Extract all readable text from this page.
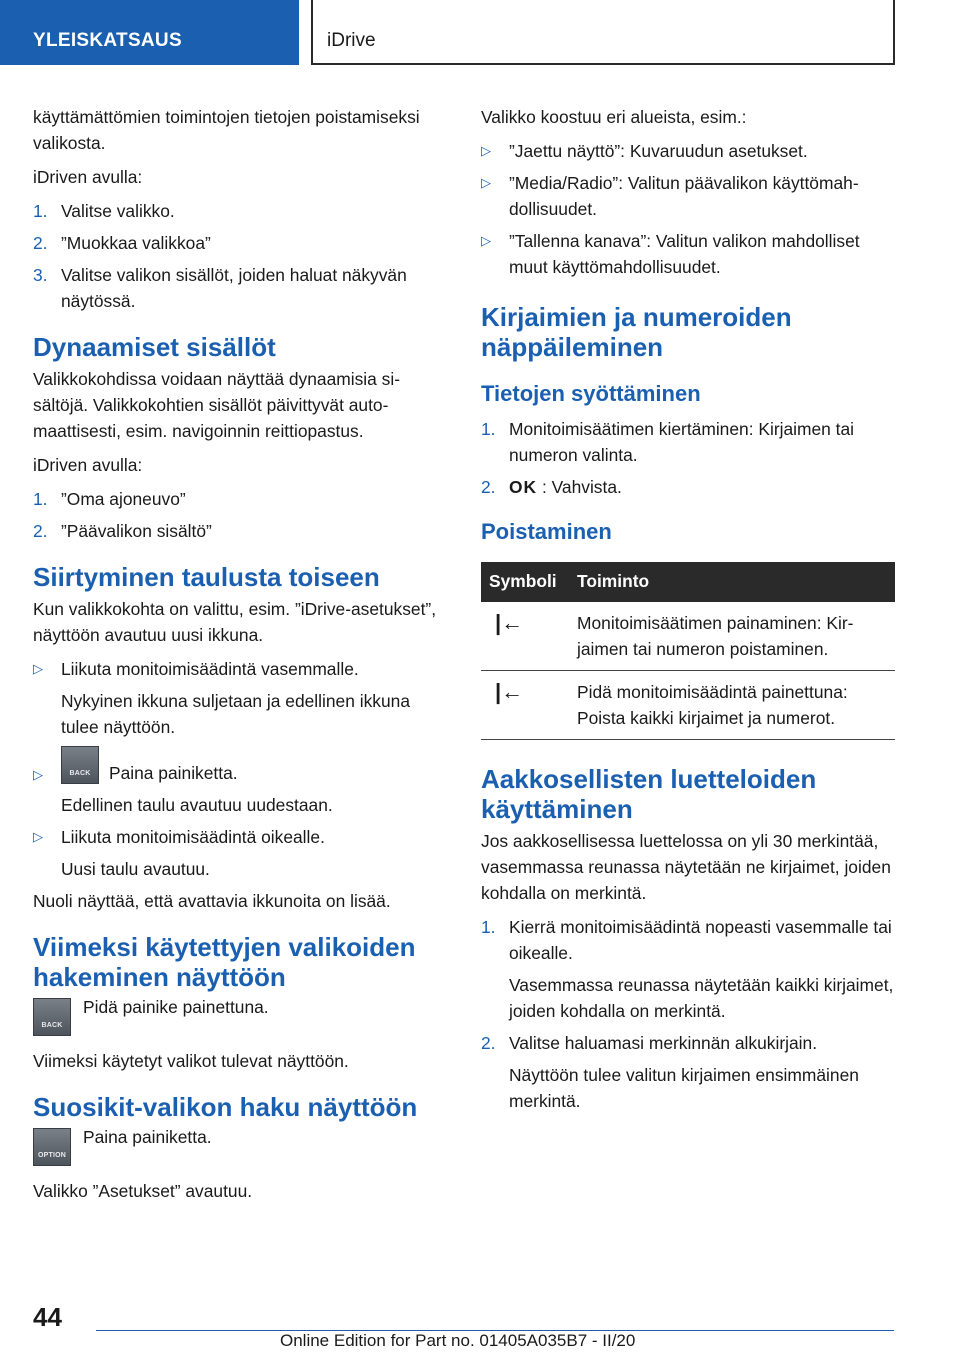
YLEISKATSAUS	iDrive

käyttämättömien toimintojen tietojen poistamiseksi valikosta.

iDriven avulla:

1. Valitse valikko.
2. ”Muokkaa valikkoa”
3. Valitse valikon sisällöt, joiden haluat näkyvän näytössä.
Dynaamiset sisällöt

Valikkokohdissa voidaan näyttää dynaamisia sisältöjä. Valikkokohtien sisällöt päivittyvät automaattisesti, esim. navigoinnin reittiopastus.

iDriven avulla:

1. ”Oma ajoneuvo”
2. ”Päävalikon sisältö”
Siirtyminen taulusta toiseen

Kun valikkokohta on valittu, esim. ”iDrive-asetukset”, näyttöön avautuu uusi ikkuna.

▷ Liikuta monitoimisäädintä vasemmalle.
Nykyinen ikkuna suljetaan ja edellinen ikkuna tulee näyttöön.
▷	BACK	Paina painiketta.
Edellinen taulu avautuu uudestaan.
▷ Liikuta monitoimisäädintä oikealle.
Uusi taulu avautuu.

Nuoli näyttää, että avattavia ikkunoita on lisää.

Viimeksi käytettyjen valikoiden hakeminen näyttöön
BACK
Pidä painike painettuna.

Viimeksi käytetyt valikot tulevat näyttöön.

Suosikit-valikon haku näyttöön
OPTION
Paina painiketta.

Valikko ”Asetukset” avautuu.

Valikko koostuu eri alueista, esim.:

▷ ”Jaettu näyttö”: Kuvaruudun asetukset.
▷ ”Media/Radio”: Valitun päävalikon käyttömahdollisuudet.
▷ ”Tallenna kanava”: Valitun valikon mahdolliset muut käyttömahdollisuudet.
Kirjaimien ja numeroiden näppäileminen
Tietojen syöttäminen
1. Monitoimisäätimen kiertäminen: Kirjaimen tai numeron valinta.
2. OK : Vahvista.
Poistaminen
Symboli	Toiminto
|←	Monitoimisäätimen painaminen: Kirjaimen tai numeron poistaminen.
|←	Pidä monitoimisäädintä painettuna: Poista kaikki kirjaimet ja numerot.
Aakkosellisten luetteloiden käyttäminen

Jos aakkosellisessa luettelossa on yli 30 merkintää, vasemmassa reunassa näytetään ne kirjaimet, joiden kohdalla on merkintä.

1. Kierrä monitoimisäädintä nopeasti vasemmalle tai oikealle.
Vasemmassa reunassa näytetään kaikki kirjaimet, joiden kohdalla on merkintä.
2. Valitse haluamasi merkinnän alkukirjain.
Näyttöön tulee valitun kirjaimen ensimmäinen merkintä.
44
Online Edition for Part no. 01405A035B7 - II/20
